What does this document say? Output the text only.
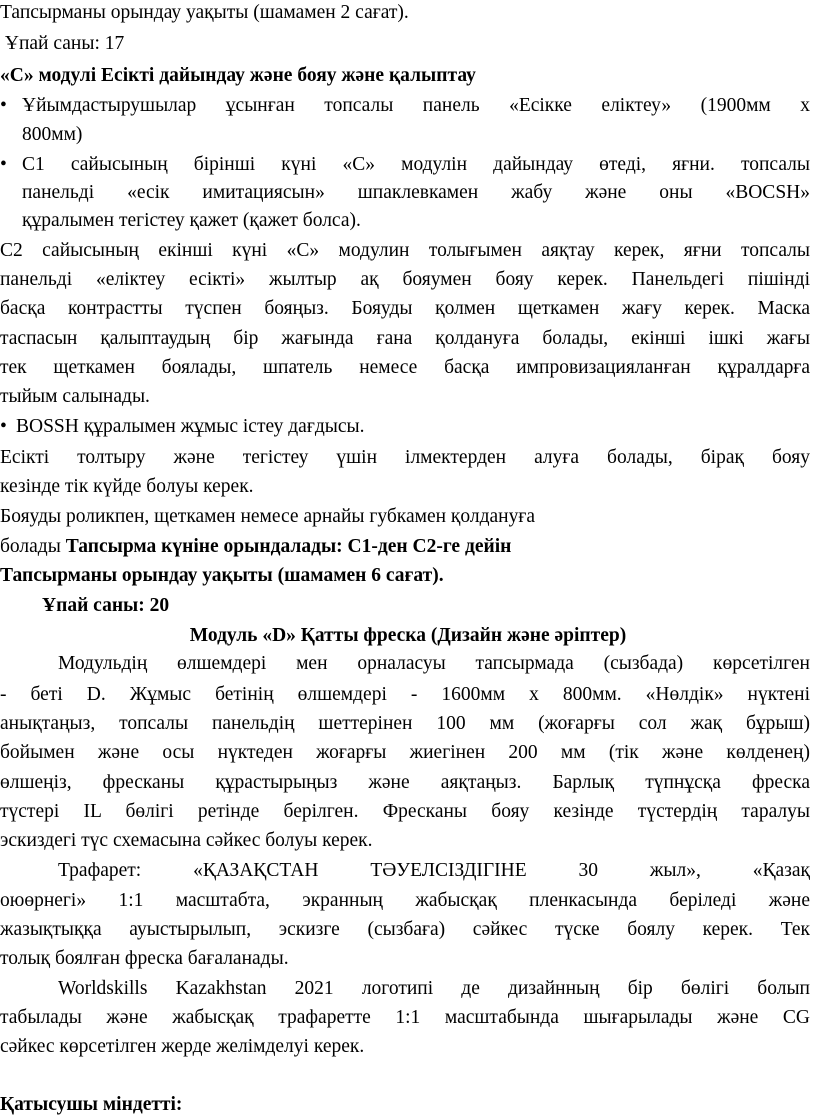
Тапсырманы орындау уақыты (шамамен 2 сағат).
Ұпай саны: 17
«С» модулі Есікті дайындау және бояу және қалыптау
• Ұйымдастырушылар ұсынған топсалы панель «Есікке еліктеу» (1900мм х
800мм)
• С1 сайысының бірінші күні «С» модулін дайындау өтеді, яғни. топсалы
панельді «есік имитациясын» шпаклевкамен жабу және оны «BOCSH»
құралымен тегістеу қажет (қажет болса).
С2 сайысының екінші күні «С» модулин толығымен аяқтау керек, яғни топсалы
панельді «еліктеу есікті» жылтыр ақ бояумен бояу керек. Панельдегі пішінді
басқа контрастты түспен бояңыз. Бояуды қолмен щеткамен жағу керек. Маска
таспасын қалыптаудың бір жағында ғана қолдануға болады, екінші ішкі жағы
тек щеткамен боялады, шпатель немесе басқа импровизацияланған құралдарға
тыйым салынады.
• BOSSH құралымен жұмыс істеу дағдысы.
Есікті толтыру және тегістеу үшін ілмектерден алуға болады, бірақ бояу
кезінде тік күйде болуы керек.
Бояуды роликпен, щеткамен немесе арнайы губкамен қолдануға
болады Тапсырма күніне орындалады: С1-ден С2-ге дейін
Тапсырманы орындау уақыты (шамамен 6 сағат).
Ұпай саны: 20
Модуль «D» Қатты фреска (Дизайн және әріптер)
Модульдің өлшемдері мен орналасуы тапсырмада (сызбада) көрсетілген
- беті D. Жұмыс бетінің өлшемдері - 1600мм х 800мм. «Нөлдік» нүктені
анықтаңыз, топсалы панельдің шеттерінен 100 мм (жоғарғы сол жақ бұрыш)
бойымен және осы нүктеден жоғарғы жиегінен 200 мм (тік және көлденең)
өлшеңіз, фресканы құрастырыңыз және аяқтаңыз. Барлық түпнұсқа фреска
түстері IL бөлігі ретінде берілген. Фресканы бояу кезінде түстердің таралуы
эскиздегі түс схемасына сәйкес болуы керек.
Трафарет: «ҚАЗАҚСТАН ТӘУЕЛСІЗДІГІНЕ 30 жыл», «Қазақ
оюөрнегі» 1:1 масштабта, экранның жабысқақ пленкасында беріледі және
жазықтыққа ауыстырылып, эскизге (сызбаға) сәйкес түске боялу керек. Тек
толық боялған фреска бағаланады.
Worldskills Kazakhstan 2021 логотипі де дизайнның бір бөлігі болып
табылады және жабысқақ трафаретте 1:1 масштабында шығарылады және CG
сәйкес көрсетілген жерде желімделуі керек.
Қатысушы міндетті:
